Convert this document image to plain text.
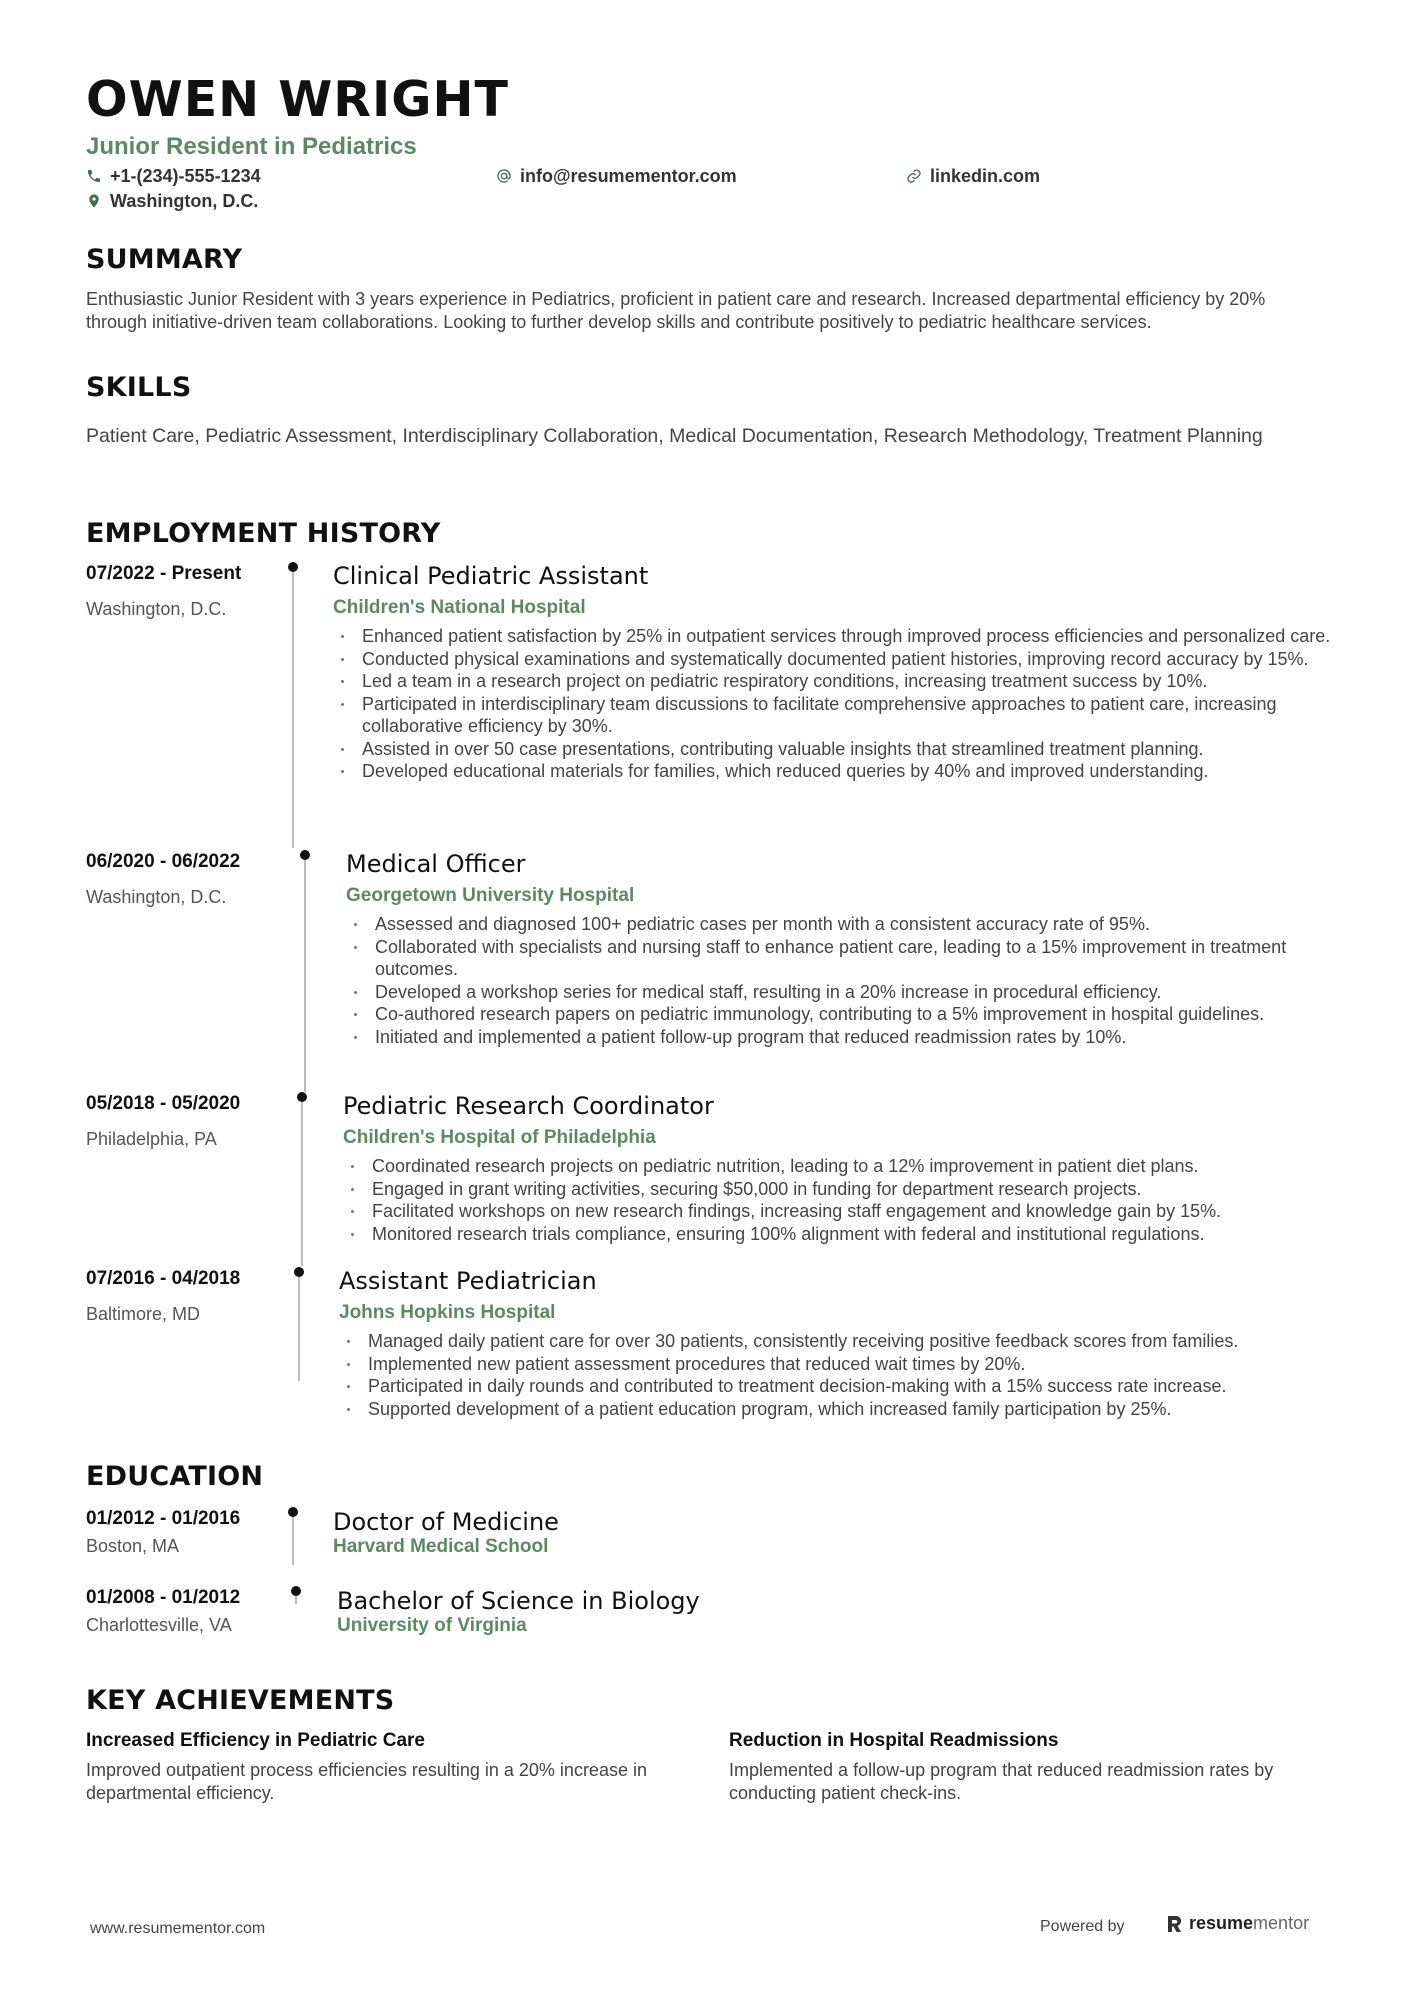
OWEN WRIGHT
Junior Resident in Pediatrics
+1-(234)-555-1234	info@resumementor.com	linkedin.com
Washington, D.C.
SUMMARY
Enthusiastic Junior Resident with 3 years experience in Pediatrics, proficient in patient care and research. Increased departmental efficiency by 20% through initiative-driven team collaborations. Looking to further develop skills and contribute positively to pediatric healthcare services.
SKILLS
Patient Care, Pediatric Assessment, Interdisciplinary Collaboration, Medical Documentation, Research Methodology, Treatment Planning
EMPLOYMENT HISTORY
07/2022 - Present
Washington, D.C.
Clinical Pediatric Assistant
Children's National Hospital
Enhanced patient satisfaction by 25% in outpatient services through improved process efficiencies and personalized care.
Conducted physical examinations and systematically documented patient histories, improving record accuracy by 15%.
Led a team in a research project on pediatric respiratory conditions, increasing treatment success by 10%.
Participated in interdisciplinary team discussions to facilitate comprehensive approaches to patient care, increasing collaborative efficiency by 30%.
Assisted in over 50 case presentations, contributing valuable insights that streamlined treatment planning.
Developed educational materials for families, which reduced queries by 40% and improved understanding.
06/2020 - 06/2022
Washington, D.C.
Medical Officer
Georgetown University Hospital
Assessed and diagnosed 100+ pediatric cases per month with a consistent accuracy rate of 95%.
Collaborated with specialists and nursing staff to enhance patient care, leading to a 15% improvement in treatment outcomes.
Developed a workshop series for medical staff, resulting in a 20% increase in procedural efficiency.
Co-authored research papers on pediatric immunology, contributing to a 5% improvement in hospital guidelines.
Initiated and implemented a patient follow-up program that reduced readmission rates by 10%.
05/2018 - 05/2020
Philadelphia, PA
Pediatric Research Coordinator
Children's Hospital of Philadelphia
Coordinated research projects on pediatric nutrition, leading to a 12% improvement in patient diet plans.
Engaged in grant writing activities, securing $50,000 in funding for department research projects.
Facilitated workshops on new research findings, increasing staff engagement and knowledge gain by 15%.
Monitored research trials compliance, ensuring 100% alignment with federal and institutional regulations.
07/2016 - 04/2018
Baltimore, MD
Assistant Pediatrician
Johns Hopkins Hospital
Managed daily patient care for over 30 patients, consistently receiving positive feedback scores from families.
Implemented new patient assessment procedures that reduced wait times by 20%.
Participated in daily rounds and contributed to treatment decision-making with a 15% success rate increase.
Supported development of a patient education program, which increased family participation by 25%.
EDUCATION
01/2012 - 01/2016
Boston, MA
Doctor of Medicine
Harvard Medical School
01/2008 - 01/2012
Charlottesville, VA
Bachelor of Science in Biology
University of Virginia
KEY ACHIEVEMENTS
Increased Efficiency in Pediatric Care
Improved outpatient process efficiencies resulting in a 20% increase in departmental efficiency.
Reduction in Hospital Readmissions
Implemented a follow-up program that reduced readmission rates by conducting patient check-ins.
www.resumementor.com	Powered by	resumementor
